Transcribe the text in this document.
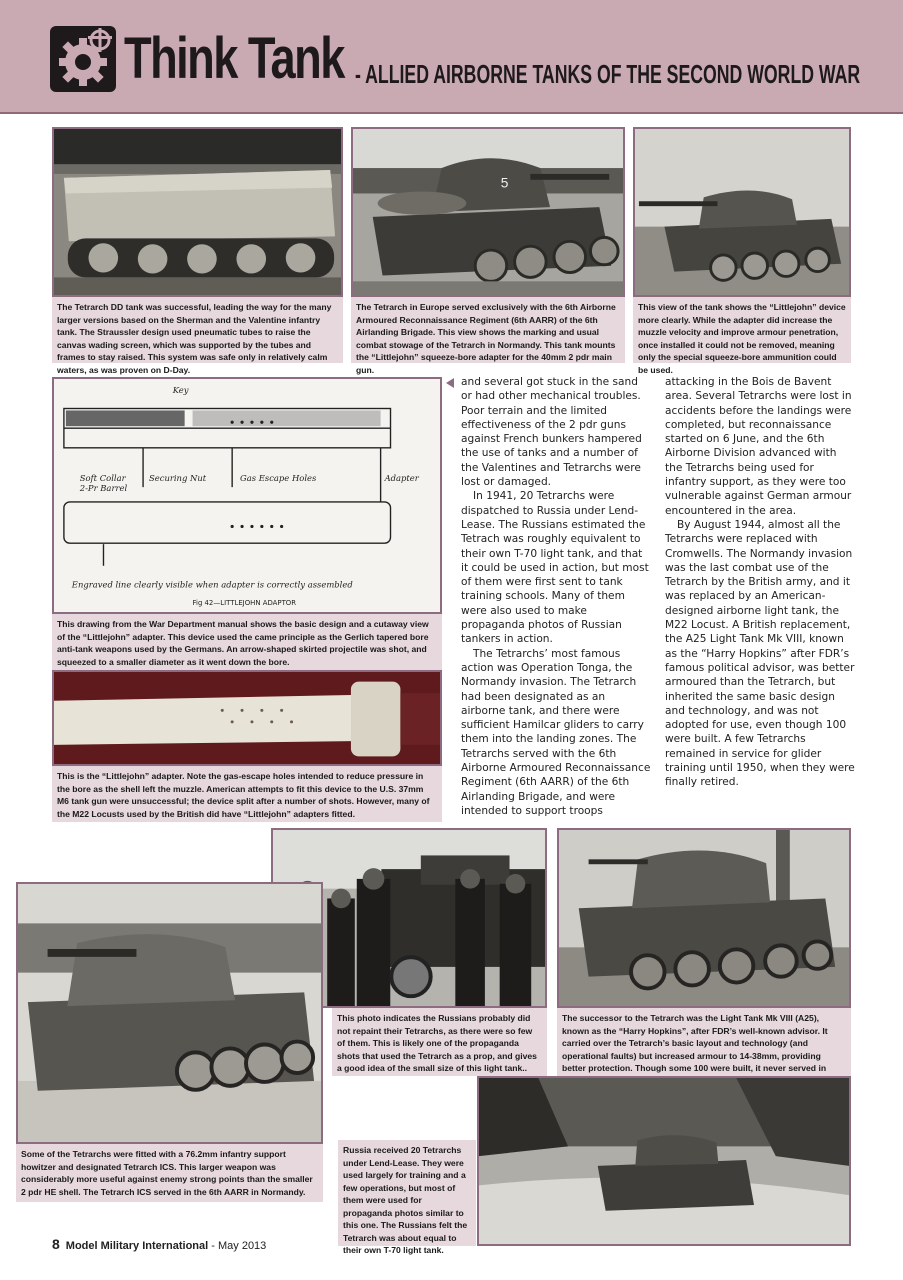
Think Tank - ALLIED AIRBORNE TANKS OF THE SECOND WORLD WAR
The Tetrarch DD tank was successful, leading the way for the many larger versions based on the Sherman and the Valentine infantry tank. The Straussler design used pneumatic tubes to raise the canvas wading screen, which was supported by the tubes and frames to stay raised. This system was safe only in relatively calm waters, as was proven on D-Day.
5
The Tetrarch in Europe served exclusively with the 6th Airborne Armoured Reconnaissance Regiment (6th AARR) of the 6th Airlanding Brigade. This view shows the marking and usual combat stowage of the Tetrarch in Normandy. This tank mounts the “Littlejohn” squeeze-bore adapter for the 40mm 2 pdr main gun.
This view of the tank shows the “Littlejohn” device more clearly. While the adapter did increase the muzzle velocity and improve armour penetration, once installed it could not be removed, meaning only the special squeeze-bore ammunition could be used.
Key
Soft Collar
2-Pr Barrel
Securing Nut	Gas Escape Holes	Adapter
Engraved line clearly visible when adapter is correctly assembled
Fig 42—LITTLEJOHN ADAPTOR
This drawing from the War Department manual shows the basic design and a cutaway view of the “Littlejohn” adapter. This device used the came principle as the Gerlich tapered bore anti-tank weapons used by the Germans. An arrow-shaped skirted projectile was shot, and squeezed to a smaller diameter as it went down the bore.
This is the “Littlejohn” adapter. Note the gas-escape holes intended to reduce pressure in the bore as the shell left the muzzle. American attempts to fit this device to the U.S. 37mm M6 tank gun were unsuccessful; the device split after a number of shots. However, many of the M22 Locusts used by the British did have “Littlejohn” adapters fitted.

and several got stuck in the sand or had other mechanical troubles. Poor terrain and the limited effectiveness of the 2 pdr guns against French bunkers hampered the use of tanks and a number of the Valentines and Tetrarchs were lost or damaged.

In 1941, 20 Tetrarchs were dispatched to Russia under Lend-Lease. The Russians estimated the Tetrach was roughly equivalent to their own T-70 light tank, and that it could be used in action, but most of them were first sent to tank training schools. Many of them were also used to make propaganda photos of Russian tankers in action.

The Tetrarchs’ most famous action was Operation Tonga, the Normandy invasion. The Tetrarch had been designated as an airborne tank, and there were sufficient Hamilcar gliders to carry them into the landing zones. The Tetrarchs served with the 6th Airborne Armoured Reconnaissance Regiment (6th AARR) of the 6th Airlanding Brigade, and were intended to support troops

attacking in the Bois de Bavent area. Several Tetrarchs were lost in accidents before the landings were completed, but reconnaissance started on 6 June, and the 6th Airborne Division advanced with the Tetrarchs being used for infantry support, as they were too vulnerable against German armour encountered in the area.

By August 1944, almost all the Tetrarchs were replaced with Cromwells. The Normandy invasion was the last combat use of the Tetrarch by the British army, and it was replaced by an American-designed airborne light tank, the M22 Locust. A British replacement, the A25 Light Tank Mk VIII, known as the “Harry Hopkins” after FDR’s famous political advisor, was better armoured than the Tetrarch, but inherited the same basic design and technology, and was not adopted for use, even though 100 were built. A few Tetrarchs remained in service for glider training until 1950, when they were finally retired.

This photo indicates the Russians probably did not repaint their Tetrarchs, as there were so few of them. This is likely one of the propaganda shots that used the Tetrarch as a prop, and gives a good idea of the small size of this light tank..
The successor to the Tetrarch was the Light Tank Mk VIII (A25), known as the “Harry Hopkins”, after FDR’s well-known advisor. It carried over the Tetrarch’s basic layout and technology (and operational faults) but increased armour to 14-38mm, providing better protection. Though some 100 were built, it never served in
Some of the Tetrarchs were fitted with a 76.2mm infantry support howitzer and designated Tetrarch ICS. This larger weapon was considerably more useful against enemy strong points than the smaller 2 pdr HE shell. The Tetrarch ICS served in the 6th AARR in Normandy.
Russia received 20 Tetrarchs under Lend-Lease. They were used largely for training and a few operations, but most of them were used for propaganda photos similar to this one. The Russians felt the Tetrarch was about equal to their own T-70 light tank.
8 Model Military International - May 2013
